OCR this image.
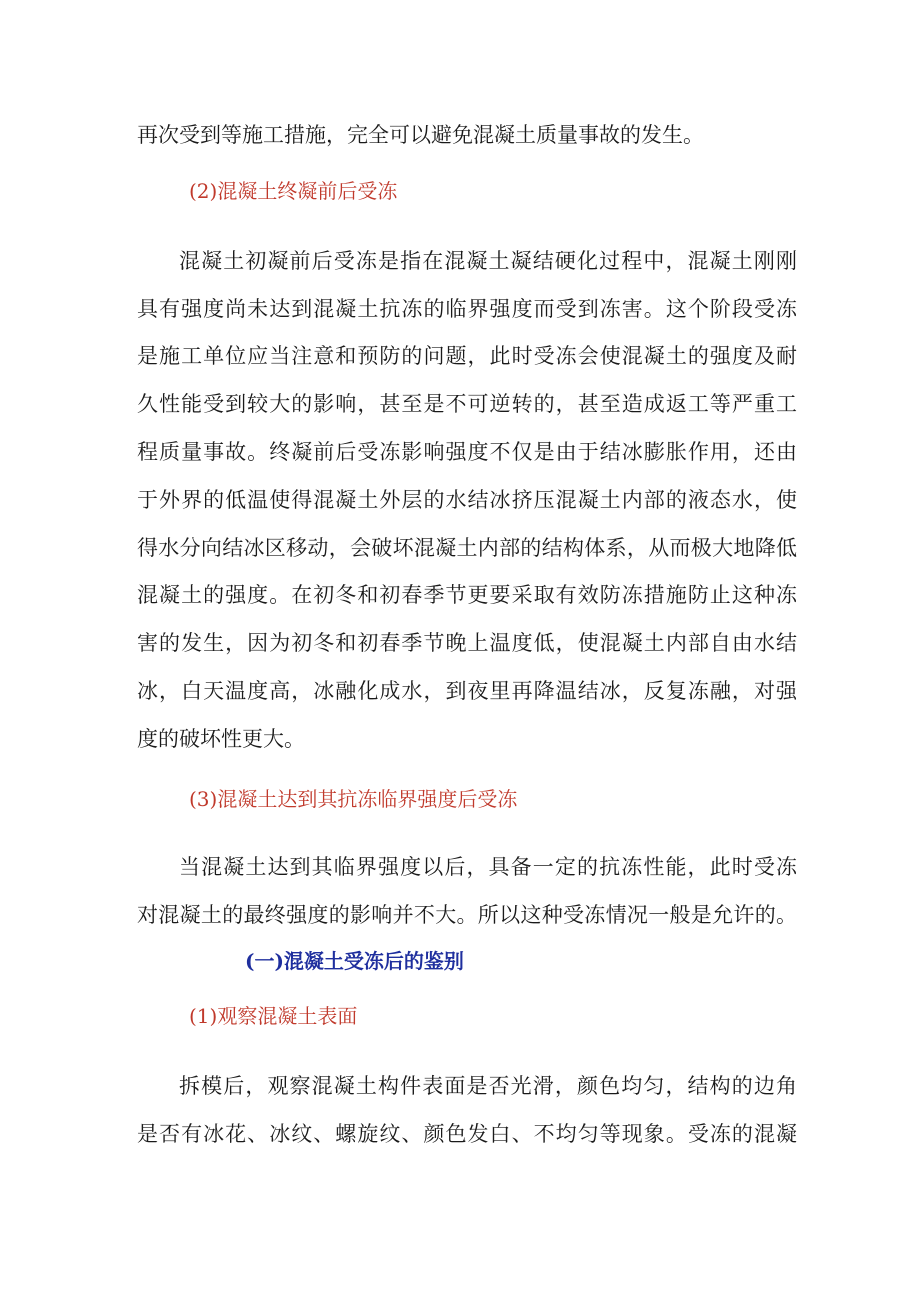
再次受到等施工措施，完全可以避免混凝土质量事故的发生。
(2)混凝土终凝前后受冻
混凝土初凝前后受冻是指在混凝土凝结硬化过程中，混凝土刚刚
具有强度尚未达到混凝土抗冻的临界强度而受到冻害。这个阶段受冻
是施工单位应当注意和预防的问题，此时受冻会使混凝土的强度及耐
久性能受到较大的影响，甚至是不可逆转的，甚至造成返工等严重工
程质量事故。终凝前后受冻影响强度不仅是由于结冰膨胀作用，还由
于外界的低温使得混凝土外层的水结冰挤压混凝土内部的液态水，使
得水分向结冰区移动，会破坏混凝土内部的结构体系，从而极大地降低
混凝土的强度。在初冬和初春季节更要采取有效防冻措施防止这种冻
害的发生，因为初冬和初春季节晚上温度低，使混凝土内部自由水结
冰，白天温度高，冰融化成水，到夜里再降温结冰，反复冻融，对强
度的破坏性更大。
(3)混凝土达到其抗冻临界强度后受冻
当混凝土达到其临界强度以后，具备一定的抗冻性能，此时受冻
对混凝土的最终强度的影响并不大。所以这种受冻情况一般是允许的。
(一)混凝土受冻后的鉴别
(1)观察混凝土表面
拆模后，观察混凝土构件表面是否光滑，颜色均匀，结构的边角
是否有冰花、冰纹、螺旋纹、颜色发白、不均匀等现象。受冻的混凝
